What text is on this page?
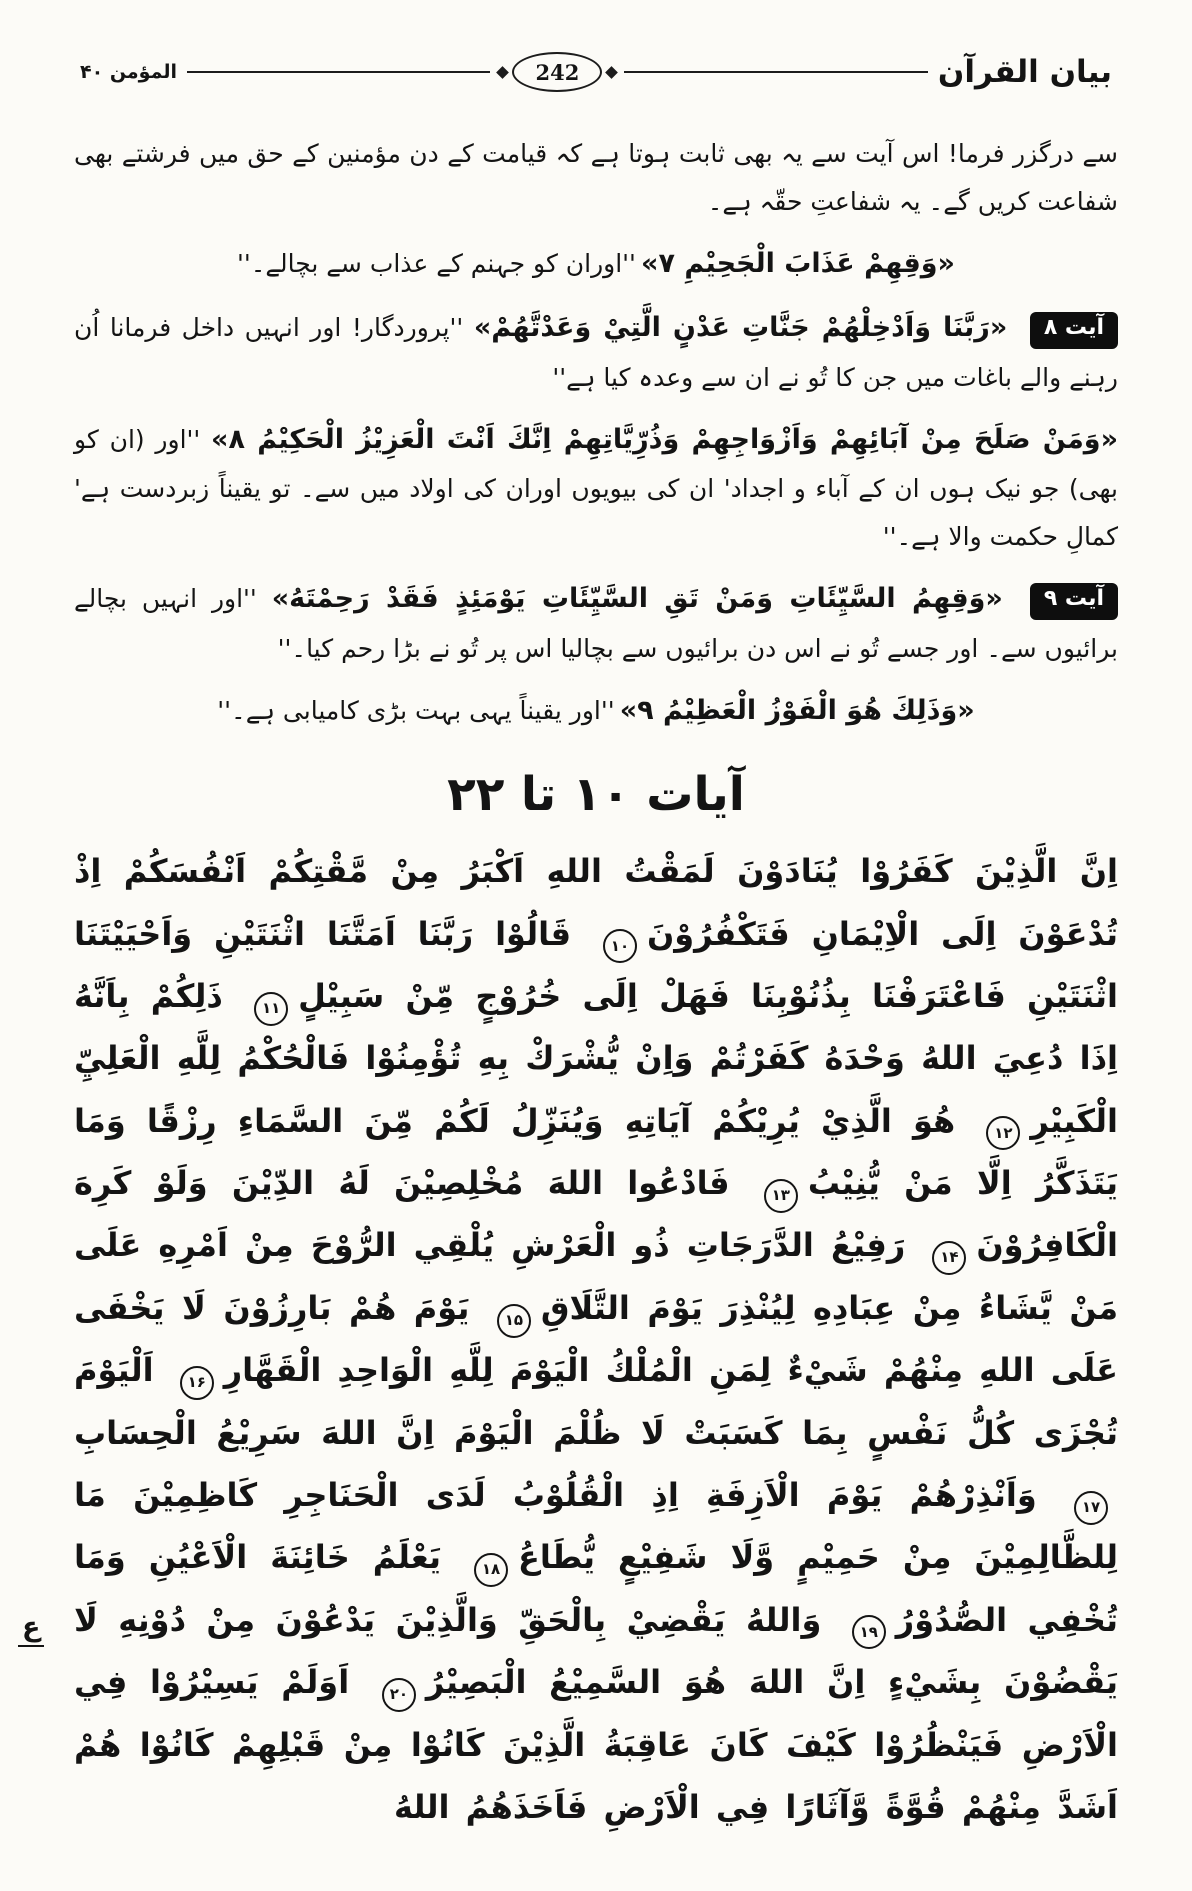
المؤمن ۴۰	242	بیان القرآن

سے درگزر فرما! اس آیت سے یہ بھی ثابت ہوتا ہے کہ قیامت کے دن مؤمنین کے حق میں فرشتے بھی شفاعت کریں گے۔ یہ شفاعتِ حقّہ ہے۔

«وَقِهِمْ عَذَابَ الْجَحِيْمِ ۷» ''اوران کو جہنم کے عذاب سے بچالے۔''

آیت ۸ «رَبَّنَا وَاَدْخِلْهُمْ جَنَّاتِ عَدْنٍ الَّتِيْ وَعَدْتَّهُمْ» ''پروردگار! اور انہیں داخل فرمانا اُن رہنے والے باغات میں جن کا تُو نے ان سے وعدہ کیا ہے''

«وَمَنْ صَلَحَ مِنْ آبَائِهِمْ وَاَزْوَاجِهِمْ وَذُرِّيَّاتِهِمْ اِنَّكَ اَنْتَ الْعَزِيْزُ الْحَكِيْمُ ۸» ''اور (ان کو بھی) جو نیک ہوں ان کے آباء و اجداد' ان کی بیویوں اوران کی اولاد میں سے۔ تو یقیناً زبردست ہے' کمالِ حکمت والا ہے۔''

آیت ۹ «وَقِهِمُ السَّيِّئَاتِ وَمَنْ تَقِ السَّيِّئَاتِ يَوْمَئِذٍ فَقَدْ رَحِمْتَهُ» ''اور انہیں بچالے برائیوں سے۔ اور جسے تُو نے اس دن برائیوں سے بچالیا اس پر تُو نے بڑا رحم کیا۔''

«وَذَلِكَ هُوَ الْفَوْزُ الْعَظِيْمُ ۹» ''اور یقیناً یہی بہت بڑی کامیابی ہے۔''

آیات ۱۰ تا ۲۲

اِنَّ الَّذِيْنَ كَفَرُوْا يُنَادَوْنَ لَمَقْتُ اللهِ اَكْبَرُ مِنْ مَّقْتِكُمْ اَنْفُسَكُمْ اِذْ تُدْعَوْنَ اِلَى الْاِيْمَانِ فَتَكْفُرُوْنَ۱۰ قَالُوْا رَبَّنَا اَمَتَّنَا اثْنَتَيْنِ وَاَحْيَيْتَنَا اثْنَتَيْنِ فَاعْتَرَفْنَا بِذُنُوْبِنَا فَهَلْ اِلَى خُرُوْجٍ مِّنْ سَبِيْلٍ۱۱ ذَلِكُمْ بِاَنَّهُ اِذَا دُعِيَ اللهُ وَحْدَهُ كَفَرْتُمْ وَاِنْ يُّشْرَكْ بِهِ تُؤْمِنُوْا فَالْحُكْمُ لِلَّهِ الْعَلِيِّ الْكَبِيْرِ۱۲ هُوَ الَّذِيْ يُرِيْكُمْ آيَاتِهِ وَيُنَزِّلُ لَكُمْ مِّنَ السَّمَاءِ رِزْقًا وَمَا يَتَذَكَّرُ اِلَّا مَنْ يُّنِيْبُ۱۳ فَادْعُوا اللهَ مُخْلِصِيْنَ لَهُ الدِّيْنَ وَلَوْ كَرِهَ الْكَافِرُوْنَ۱۴ رَفِيْعُ الدَّرَجَاتِ ذُو الْعَرْشِ يُلْقِي الرُّوْحَ مِنْ اَمْرِهِ عَلَى مَنْ يَّشَاءُ مِنْ عِبَادِهِ لِيُنْذِرَ يَوْمَ التَّلَاقِ۱۵ يَوْمَ هُمْ بَارِزُوْنَ لَا يَخْفَى عَلَى اللهِ مِنْهُمْ شَيْءٌ لِمَنِ الْمُلْكُ الْيَوْمَ لِلَّهِ الْوَاحِدِ الْقَهَّارِ۱۶ اَلْيَوْمَ تُجْزَى كُلُّ نَفْسٍ بِمَا كَسَبَتْ لَا ظُلْمَ الْيَوْمَ اِنَّ اللهَ سَرِيْعُ الْحِسَابِ۱۷ وَاَنْذِرْهُمْ يَوْمَ الْاَزِفَةِ اِذِ الْقُلُوْبُ لَدَى الْحَنَاجِرِ كَاظِمِيْنَ مَا لِلظَّالِمِيْنَ مِنْ حَمِيْمٍ وَّلَا شَفِيْعٍ يُّطَاعُ۱۸ يَعْلَمُ خَائِنَةَ الْاَعْيُنِ وَمَا تُخْفِي الصُّدُوْرُ۱۹ وَاللهُ يَقْضِيْ بِالْحَقِّ وَالَّذِيْنَ يَدْعُوْنَ مِنْ دُوْنِهِ لَا يَقْضُوْنَ بِشَيْءٍ اِنَّ اللهَ هُوَ السَّمِيْعُ الْبَصِيْرُ۲۰ اَوَلَمْ يَسِيْرُوْا فِي الْاَرْضِ فَيَنْظُرُوْا كَيْفَ كَانَ عَاقِبَةُ الَّذِيْنَ كَانُوْا مِنْ قَبْلِهِمْ كَانُوْا هُمْ اَشَدَّ مِنْهُمْ قُوَّةً وَّآثَارًا فِي الْاَرْضِ فَاَخَذَهُمُ اللهُ

ع
